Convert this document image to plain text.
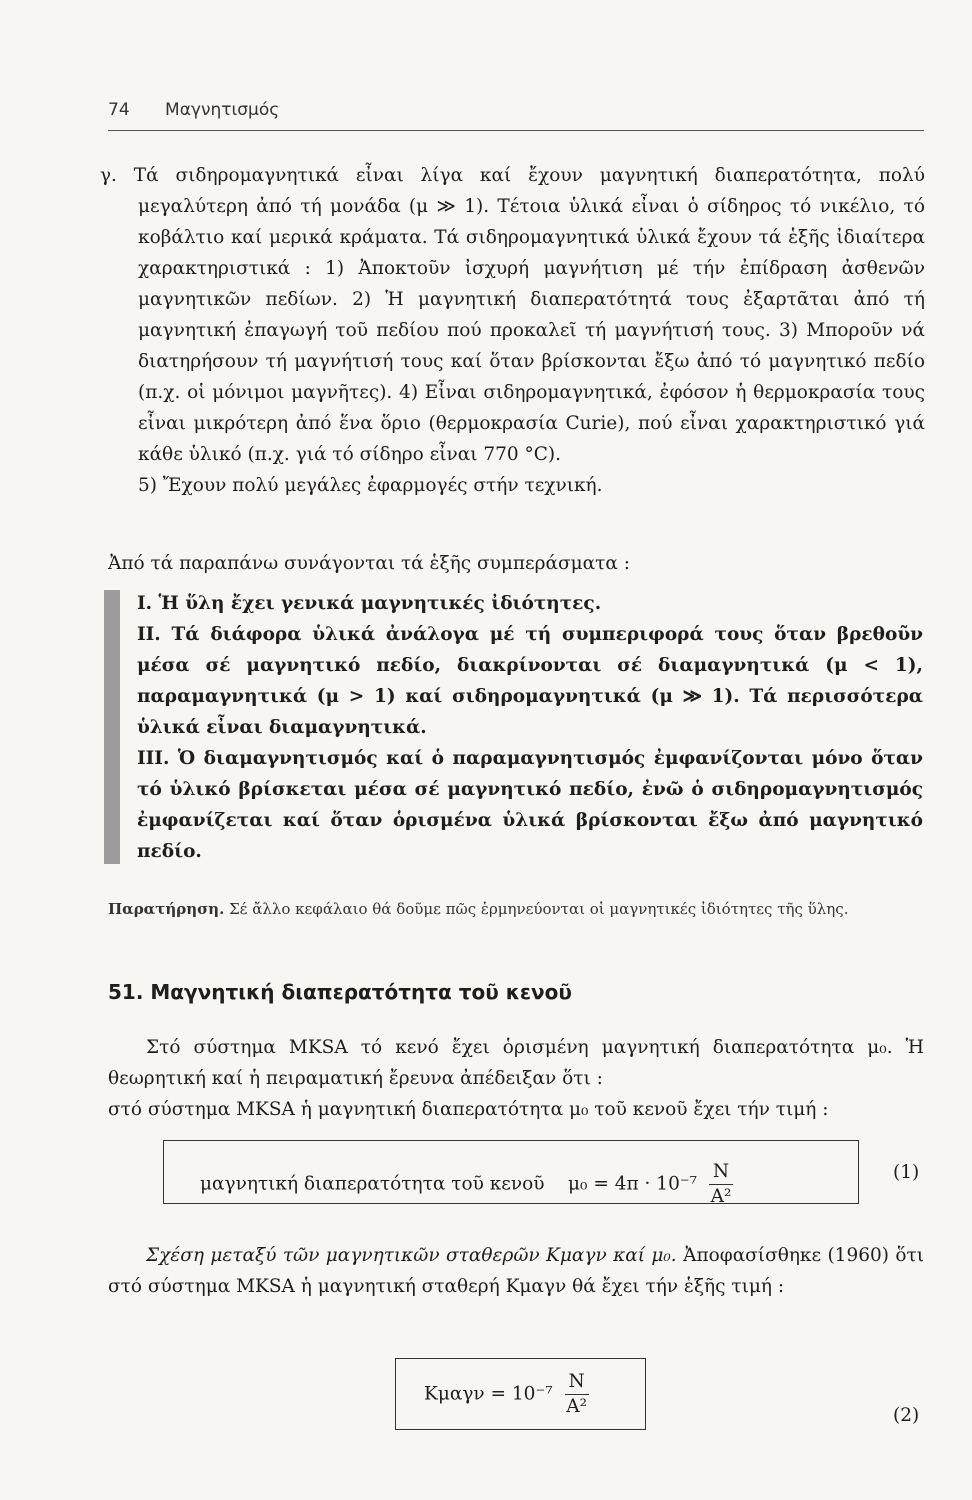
74 Μαγνητισμός

γ. Τά σιδηρομαγνητικά εἶναι λίγα καί ἔχουν μαγνητική διαπερατότητα, πολύ μεγαλύτερη ἀπό τή μονάδα (μ ≫ 1). Τέτοια ὑλικά εἶναι ὁ σίδηρος τό νικέλιο, τό κοβάλτιο καί μερικά κράματα. Τά σιδηρομαγνητικά ὑλικά ἔχουν τά ἑξῆς ἰδιαίτερα χαρακτηριστικά : 1) Ἀποκτοῦν ἰσχυρή μαγνήτιση μέ τήν ἐπίδραση ἀσθενῶν μαγνητικῶν πεδίων. 2) Ἡ μαγνητική διαπερατότητά τους ἐξαρτᾶται ἀπό τή μαγνητική ἐπαγωγή τοῦ πεδίου πού προκαλεῖ τή μαγνήτισή τους. 3) Μποροῦν νά διατηρήσουν τή μαγνήτισή τους καί ὅταν βρίσκονται ἔξω ἀπό τό μαγνητικό πεδίο (π.χ. οἱ μόνιμοι μαγνῆτες). 4) Εἶναι σιδηρομαγνητικά, ἐφόσον ἡ θερμοκρασία τους εἶναι μικρότερη ἀπό ἕνα ὅριο (θερμοκρασία Curie), πού εἶναι χαρακτηριστικό γιά κάθε ὑλικό (π.χ. γιά τό σίδηρο εἶναι 770 °C).

5) Ἔχουν πολύ μεγάλες ἐφαρμογές στήν τεχνική.

Ἀπό τά παραπάνω συνάγονται τά ἑξῆς συμπεράσματα :

I. Ἡ ὕλη ἔχει γενικά μαγνητικές ἰδιότητες.

II. Τά διάφορα ὑλικά ἀνάλογα μέ τή συμπεριφορά τους ὅταν βρεθοῦν μέσα σέ μαγνητικό πεδίο, διακρίνονται σέ διαμαγνητικά (μ < 1), παραμαγνητικά (μ > 1) καί σιδηρομαγνητικά (μ ≫ 1). Τά περισσότερα ὑλικά εἶναι διαμαγνητικά.

III. Ὁ διαμαγνητισμός καί ὁ παραμαγνητισμός ἐμφανίζονται μόνο ὅταν τό ὑλικό βρίσκεται μέσα σέ μαγνητικό πεδίο, ἐνῶ ὁ σιδηρομαγνητισμός ἐμφανίζεται καί ὅταν ὁρισμένα ὑλικά βρίσκονται ἔξω ἀπό μαγνητικό πεδίο.

Παρατήρηση. Σέ ἄλλο κεφάλαιο θά δοῦμε πῶς ἑρμηνεύονται οἱ μαγνητικές ἰδιότητες τῆς ὕλης.
51. Μαγνητική διαπερατότητα τοῦ κενοῦ

Στό σύστημα MKSA τό κενό ἔχει ὁρισμένη μαγνητική διαπερατότητα μ₀. Ἡ θεωρητική καί ἡ πειραματική ἔρευνα ἀπέδειξαν ὅτι :

στό σύστημα MKSA ἡ μαγνητική διαπερατότητα μ₀ τοῦ κενοῦ ἔχει τήν τιμή :

μαγνητική διαπερατότητα τοῦ κενοῦ $\mu_0 = 4\pi \cdot 10^{-7} \frac{N}{\text{A²}}$	(1)

Σχέση μεταξύ τῶν μαγνητικῶν σταθερῶν Kμαγν καί μ₀. Ἀποφασίσθηκε (1960) ὅτι στό σύστημα MKSA ἡ μαγνητική σταθερή Kμαγν θά ἔχει τήν ἑξῆς τιμή :

$K\mu\alpha\gamma\nu = 10^{-7} \frac{N}{\text{A²}}$	(2)
